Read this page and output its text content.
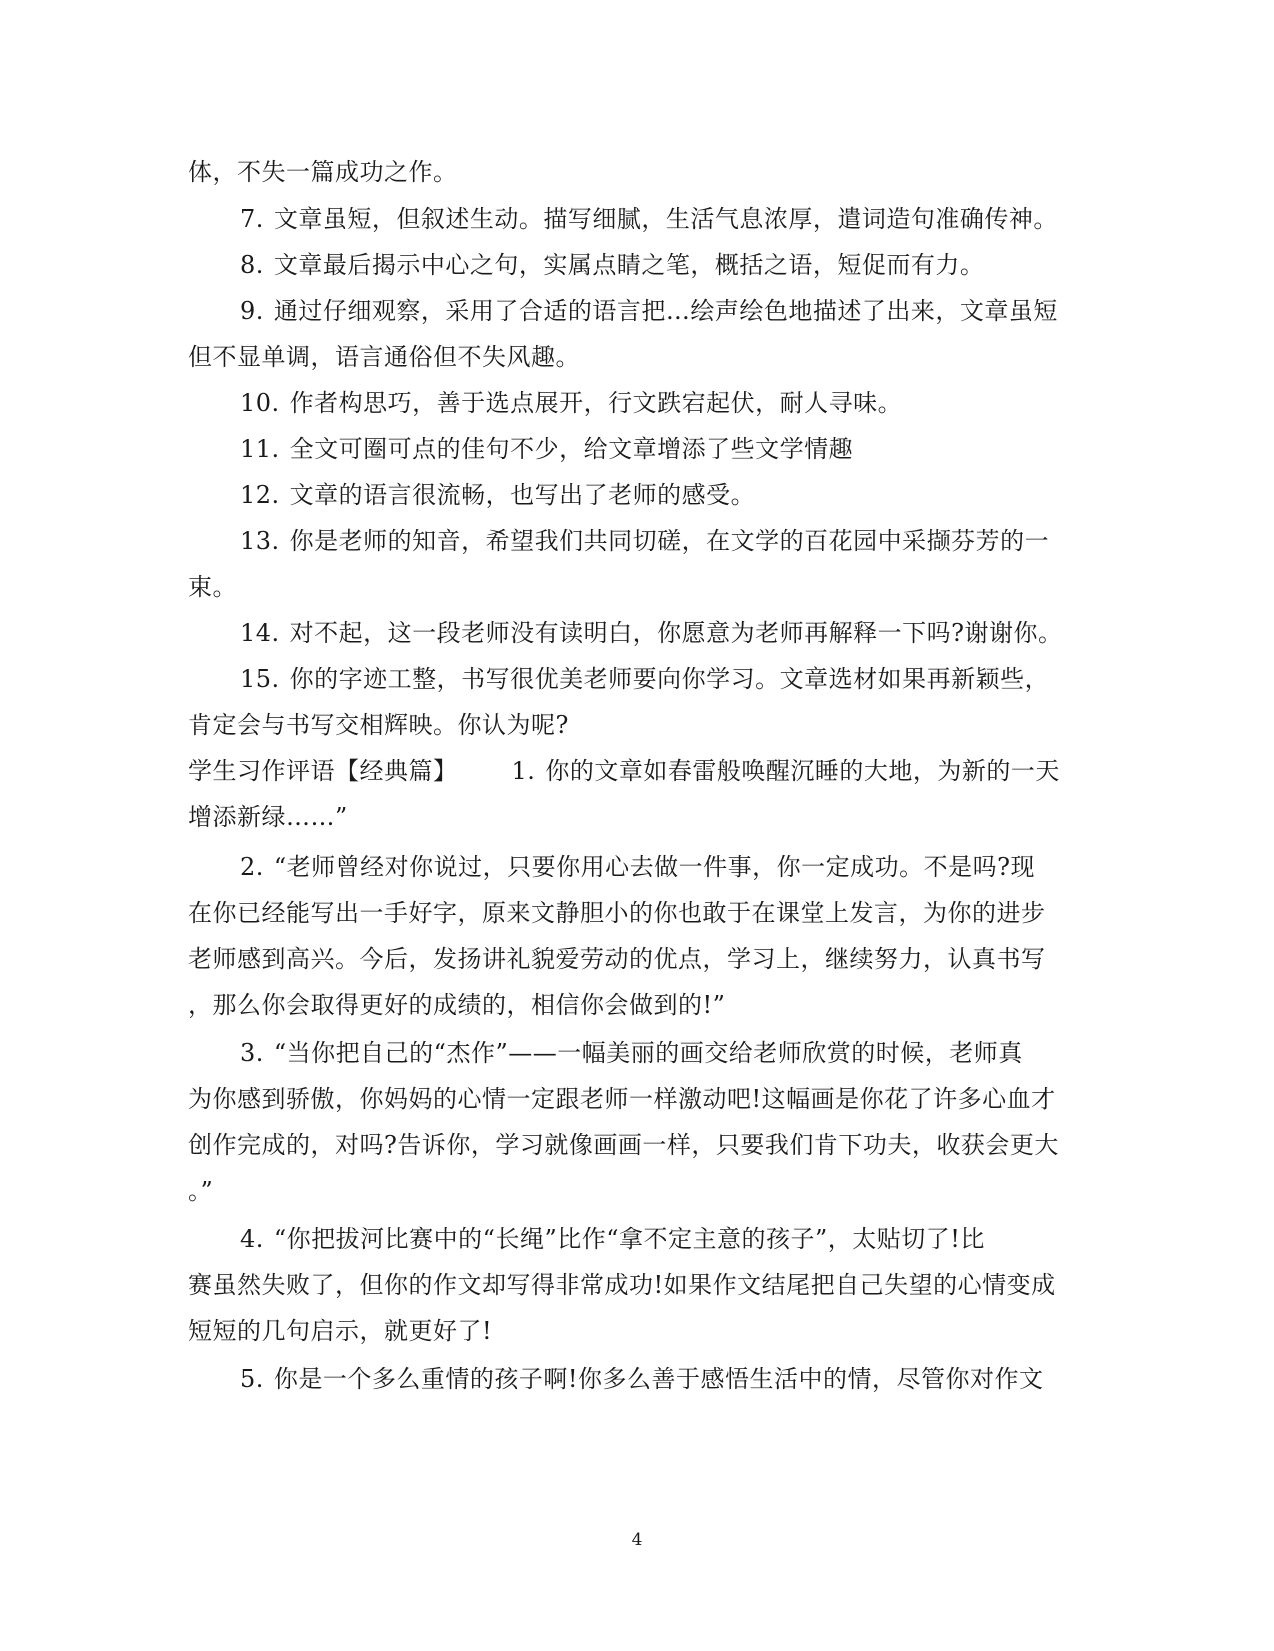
体，不失一篇成功之作。
7. 文章虽短，但叙述生动。描写细腻，生活气息浓厚，遣词造句准确传神。
8. 文章最后揭示中心之句，实属点睛之笔，概括之语，短促而有力。
9. 通过仔细观察，采用了合适的语言把…绘声绘色地描述了出来，文章虽短
但不显单调，语言通俗但不失风趣。
10. 作者构思巧，善于选点展开，行文跌宕起伏，耐人寻味。
11. 全文可圈可点的佳句不少，给文章增添了些文学情趣
12. 文章的语言很流畅，也写出了老师的感受。
13. 你是老师的知音，希望我们共同切磋，在文学的百花园中采撷芬芳的一
束。
14. 对不起，这一段老师没有读明白，你愿意为老师再解释一下吗?谢谢你。
15. 你的字迹工整，书写很优美老师要向你学习。文章选材如果再新颖些，
肯定会与书写交相辉映。你认为呢?
学生习作评语【经典篇】 1. 你的文章如春雷般唤醒沉睡的大地，为新的一天
增添新绿……”
2. “老师曾经对你说过，只要你用心去做一件事，你一定成功。不是吗?现
在你已经能写出一手好字，原来文静胆小的你也敢于在课堂上发言，为你的进步
老师感到高兴。今后，发扬讲礼貌爱劳动的优点，学习上，继续努力，认真书写
，那么你会取得更好的成绩的，相信你会做到的!”
3. “当你把自己的“杰作”——一幅美丽的画交给老师欣赏的时候，老师真
为你感到骄傲，你妈妈的心情一定跟老师一样激动吧!这幅画是你花了许多心血才
创作完成的，对吗?告诉你，学习就像画画一样，只要我们肯下功夫，收获会更大
。”
4. “你把拔河比赛中的“长绳”比作“拿不定主意的孩子”，太贴切了!比
赛虽然失败了，但你的作文却写得非常成功!如果作文结尾把自己失望的心情变成
短短的几句启示，就更好了!
5. 你是一个多么重情的孩子啊!你多么善于感悟生活中的情，尽管你对作文
4
